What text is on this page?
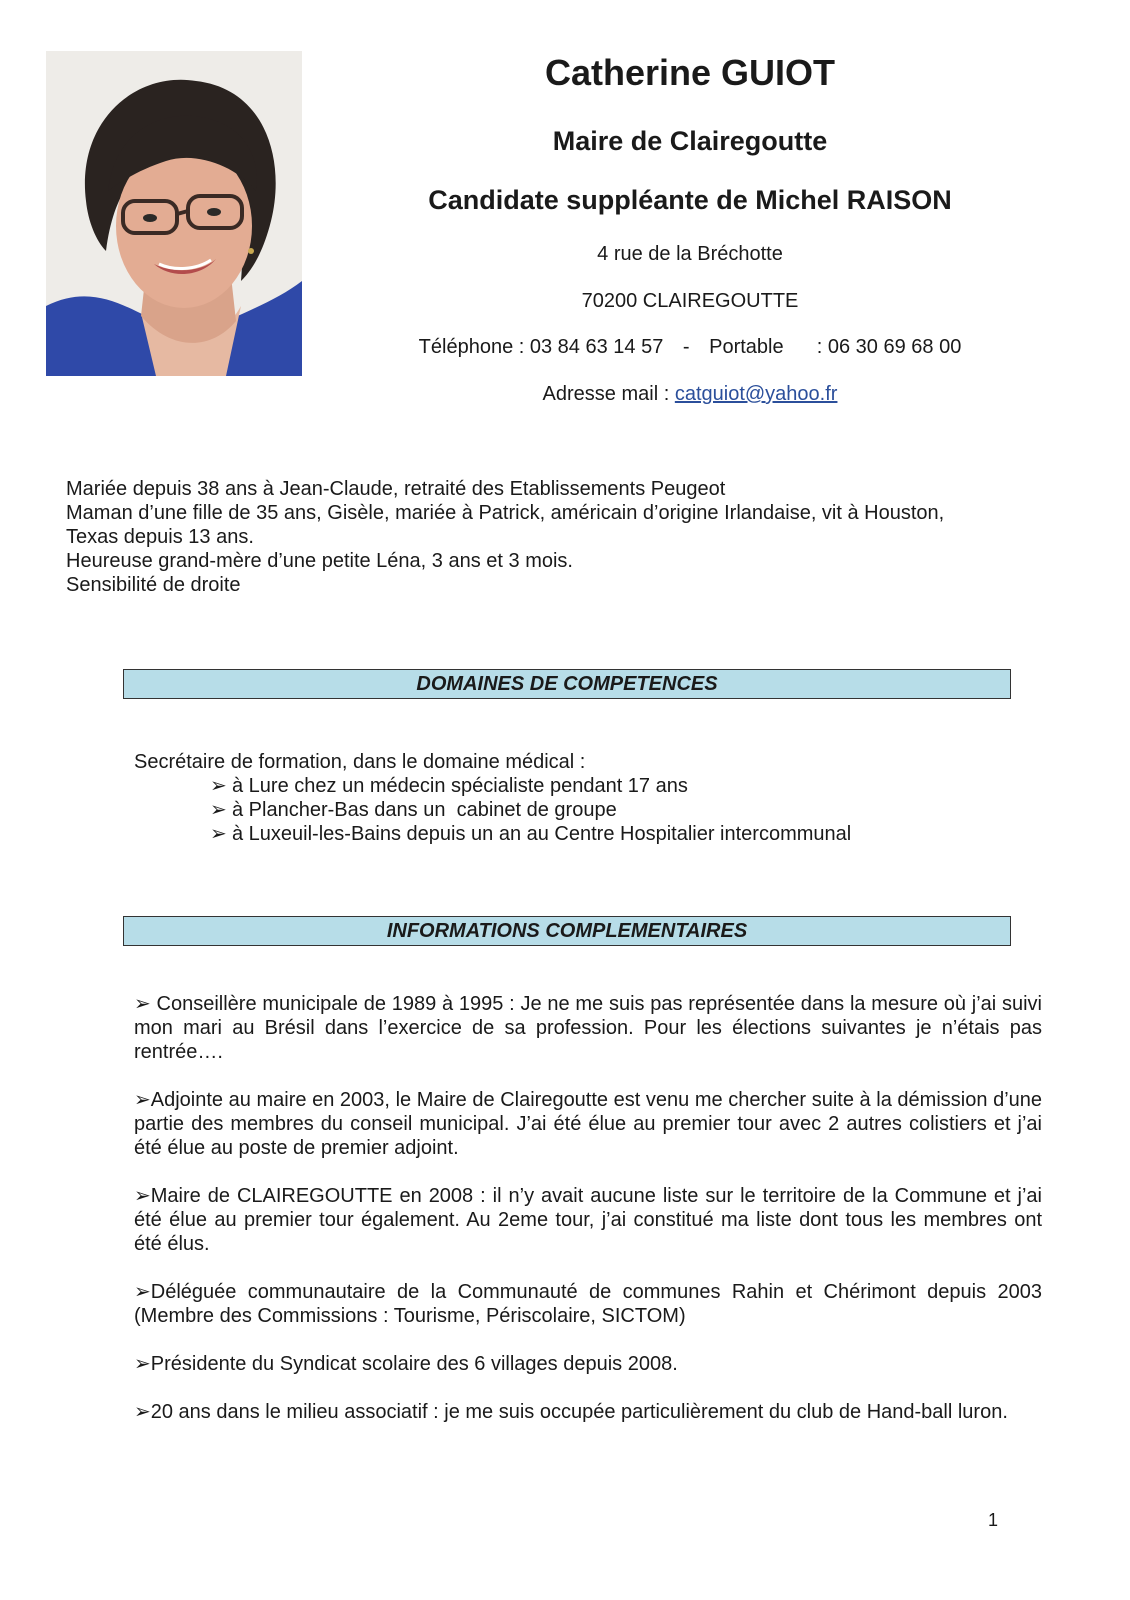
Catherine GUIOT
Maire de Clairegoutte
Candidate suppléante de Michel RAISON
4 rue de la Bréchotte
70200 CLAIREGOUTTE
Téléphone : 03 84 63 14 57 - Portable : 06 30 69 68 00
Adresse mail : catguiot@yahoo.fr
Mariée depuis 38 ans à Jean-Claude, retraité des Etablissements Peugeot
Maman d’une fille de 35 ans, Gisèle, mariée à Patrick, américain d’origine Irlandaise, vit à Houston,
Texas depuis 13 ans.
Heureuse grand-mère d’une petite Léna, 3 ans et 3 mois.
Sensibilité de droite
DOMAINES DE COMPETENCES
Secrétaire de formation, dans le domaine médical :
➢ à Lure chez un médecin spécialiste pendant 17 ans
➢ à Plancher-Bas dans un  cabinet de groupe
➢ à Luxeuil-les-Bains depuis un an au Centre Hospitalier intercommunal
INFORMATIONS COMPLEMENTAIRES

➢ Conseillère municipale de 1989 à 1995 : Je ne me suis pas représentée dans la mesure où j’ai suivi mon mari au Brésil dans l’exercice de sa profession. Pour les élections suivantes je n’étais pas rentrée….

➢Adjointe au maire en 2003, le Maire de Clairegoutte est venu me chercher suite à la démission d’une partie des membres du conseil municipal. J’ai été élue au premier tour avec 2 autres colistiers et j’ai été élue au poste de premier adjoint.

➢Maire de CLAIREGOUTTE en 2008 : il n’y avait aucune liste sur le territoire de la Commune et j’ai été élue au premier tour également. Au 2eme tour, j’ai constitué ma liste dont tous les membres ont été élus.

➢Déléguée communautaire de la Communauté de communes Rahin et Chérimont depuis 2003 (Membre des Commissions : Tourisme, Périscolaire, SICTOM)

➢Présidente du Syndicat scolaire des 6 villages depuis 2008.

➢20 ans dans le milieu associatif : je me suis occupée particulièrement du club de Hand-ball luron.

1
